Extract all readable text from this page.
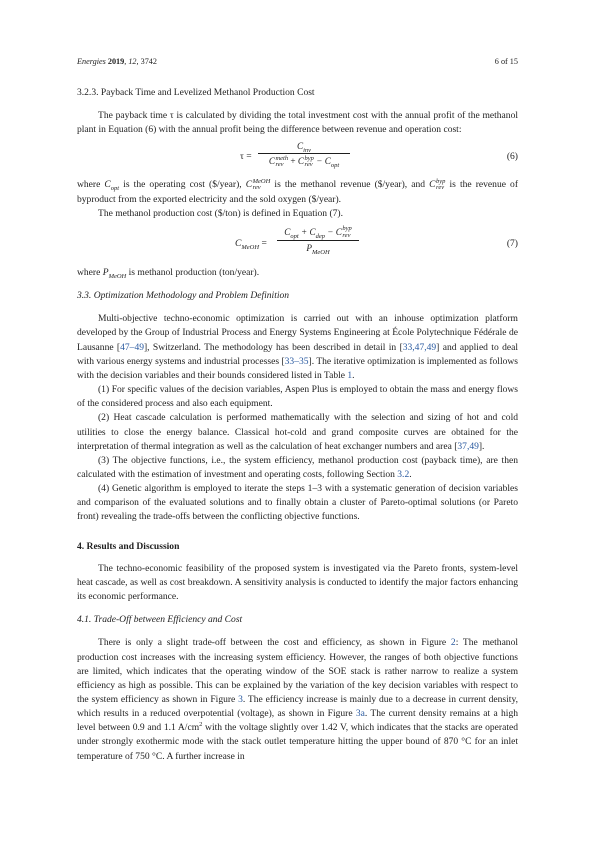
Energies 2019, 12, 3742	6 of 15
3.2.3. Payback Time and Levelized Methanol Production Cost

The payback time τ is calculated by dividing the total investment cost with the annual profit of the methanol plant in Equation (6) with the annual profit being the difference between revenue and operation cost:

τ =
$C_{inv}$
C meth
rev + C byp
rev − $C_{opt}$
(6)

where $C_{opt}$ is the operating cost ($/year), C MeOH
rev	is the methanol revenue ($/year), and C byp
rev is the revenue of byproduct from the exported electricity and the sold oxygen ($/year).

The methanol production cost ($/ton) is defined in Equation (7).

$C_{MeOH}$ =
$C_{opt} + C_{dep} - C$ byp
rev
$P_{MeOH}$
(7)

where $P_{MeOH}$ is methanol production (ton/year).

3.3. Optimization Methodology and Problem Definition

Multi-objective techno-economic optimization is carried out with an inhouse optimization platform developed by the Group of Industrial Process and Energy Systems Engineering at École Polytechnique Fédérale de Lausanne [47–49], Switzerland. The methodology has been described in detail in [33,47,49] and applied to deal with various energy systems and industrial processes [33–35]. The iterative optimization is implemented as follows with the decision variables and their bounds considered listed in Table 1.

(1) For specific values of the decision variables, Aspen Plus is employed to obtain the mass and energy flows of the considered process and also each equipment.

(2) Heat cascade calculation is performed mathematically with the selection and sizing of hot and cold utilities to close the energy balance. Classical hot-cold and grand composite curves are obtained for the interpretation of thermal integration as well as the calculation of heat exchanger numbers and area [37,49].

(3) The objective functions, i.e., the system efficiency, methanol production cost (payback time), are then calculated with the estimation of investment and operating costs, following Section 3.2.

(4) Genetic algorithm is employed to iterate the steps 1–3 with a systematic generation of decision variables and comparison of the evaluated solutions and to finally obtain a cluster of Pareto-optimal solutions (or Pareto front) revealing the trade-offs between the conflicting objective functions.

4. Results and Discussion

The techno-economic feasibility of the proposed system is investigated via the Pareto fronts, system-level heat cascade, as well as cost breakdown. A sensitivity analysis is conducted to identify the major factors enhancing its economic performance.

4.1. Trade-Off between Efficiency and Cost

There is only a slight trade-off between the cost and efficiency, as shown in Figure 2: The methanol production cost increases with the increasing system efficiency. However, the ranges of both objective functions are limited, which indicates that the operating window of the SOE stack is rather narrow to realize a system efficiency as high as possible. This can be explained by the variation of the key decision variables with respect to the system efficiency as shown in Figure 3. The efficiency increase is mainly due to a decrease in current density, which results in a reduced overpotential (voltage), as shown in Figure 3a. The current density remains at a high level between 0.9 and 1.1 $A/cm^2$ with the voltage slightly over 1.42 V, which indicates that the stacks are operated under strongly exothermic mode with the stack outlet temperature hitting the upper bound of 870 °C for an inlet temperature of 750 °C. A further increase in
